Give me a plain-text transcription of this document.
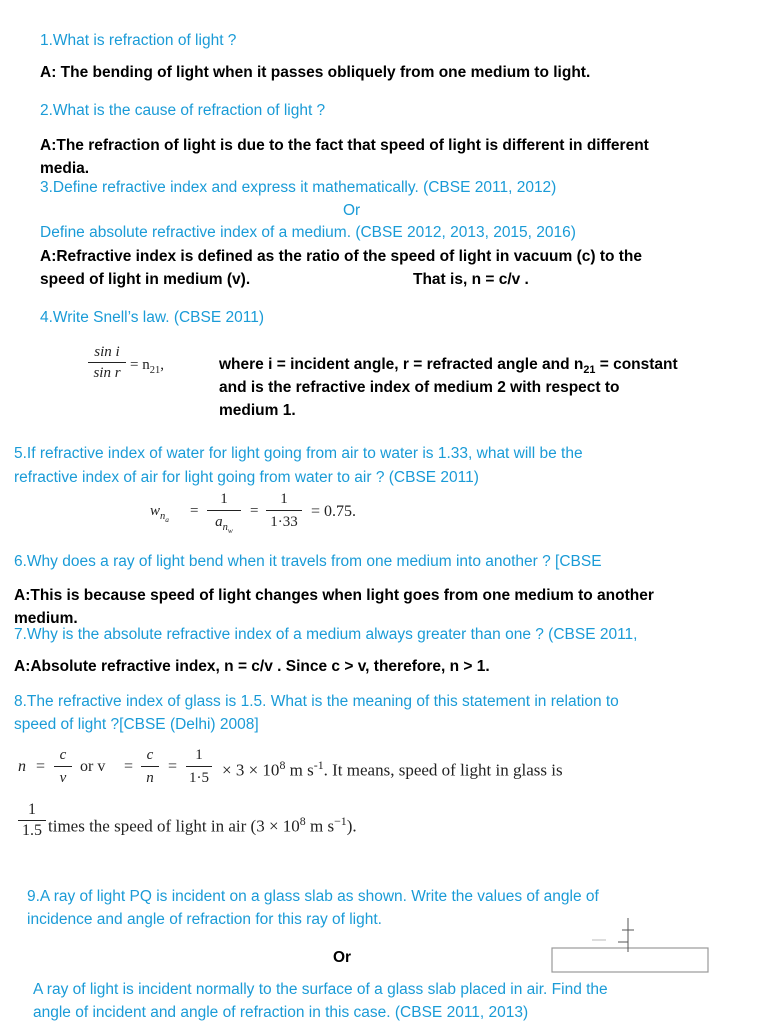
1.What is refraction of light ?
A: The bending of light when it passes obliquely from one medium to light.
2.What is the cause of refraction of light ?
A:The refraction of light is due to the fact that speed of light is different in different
media.
3.Define refractive index and express it mathematically. (CBSE 2011, 2012)
Or
Define absolute refractive index of a medium. (CBSE 2012, 2013, 2015, 2016)
A:Refractive index is defined as the ratio of the speed of light in vacuum (c) to the
speed of light in medium (v).	That is, n = c/v .
4.Write Snell’s law. (CBSE 2011)
$\frac{\text{sin i}}{\text{sin r}} = n_{21}$,	where i = incident angle, r = refracted angle and $n_{21}$ = constant
and is the refractive index of medium 2 with respect to
medium 1.
5.If refractive index of water for light going from air to water is 1.33, what will be the
refractive index of air for light going from water to air ? (CBSE 2011)
$w_{n_a}$
=
1
$a_{n_w}$
= $\frac{1}{1\cdot 33} = 0.75$.
6.Why does a ray of light bend when it travels from one medium into another ? [CBSE
A:This is because speed of light changes when light goes from one medium to another
medium.
7.Why is the absolute refractive index of a medium always greater than one ? (CBSE 2011,
A:Absolute refractive index, n = c/v . Since c > v, therefore, n > 1.
8.The refractive index of glass is 1.5. What is the meaning of this statement in relation to
speed of light ?[CBSE (Delhi) 2008]
$n = \frac{c}{v}$ or $v = \frac{c}{n} = \frac{1}{1\cdot 5} \times 3 \times 10^8$ m $s^{-1}$. It means, speed of light in glass is
$\frac{1}{1.5}$ times the speed of light in air ($3 \times 10^8$ m $s^{-1}$).
9.A ray of light PQ is incident on a glass slab as shown. Write the values of angle of
incidence and angle of refraction for this ray of light.
Or
A ray of light is incident normally to the surface of a glass slab placed in air. Find the
angle of incident and angle of refraction in this case. (CBSE 2011, 2013)
